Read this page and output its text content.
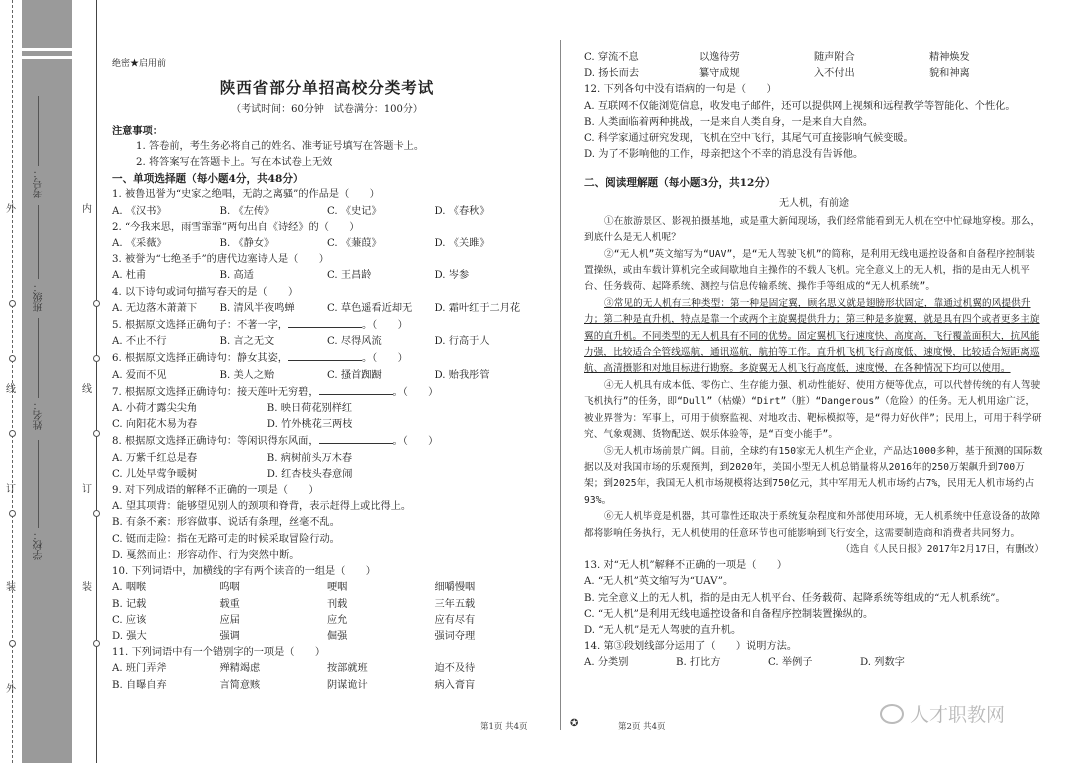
外
线
订
装
外
内
线
订
装
学校：
姓名：
班级：
考号：
绝密★启用前
陕西省部分单招高校分类考试
（考试时间：60分钟　试卷满分：100分）
注意事项：
1. 答卷前，考生务必将自己的姓名、准考证号填写在答题卡上。
2. 将答案写在答题卡上。写在本试卷上无效
一、单项选择题（每小题4分，共48分）
1. 被鲁迅誉为“史家之绝唱，无韵之离骚”的作品是（　　）
A. 《汉书》	B. 《左传》	C. 《史记》	D. 《春秋》
2. “今我来思，雨雪霏霏”两句出自《诗经》的（　　）
A. 《采薇》	B. 《静女》	C. 《蒹葭》	D. 《关雎》
3. 被誉为“七绝圣手”的唐代边塞诗人是（　　）
A. 杜甫	B. 高适	C. 王昌龄	D. 岑参
4. 以下诗句或词句描写春天的是（　　）
A. 无边落木萧萧下	B. 清风半夜鸣蝉	C. 草色遥看近却无	D. 霜叶红于二月花
5. 根据原文选择正确句子：不著一字，	。（　　）
A. 不止不行	B. 言之无文	C. 尽得风流	D. 行高于人
6. 根据原文选择正确诗句：静女其姿，	。（　　）
A. 爱而不见	B. 美人之贻	C. 搔首踟蹰	D. 贻我彤管
7. 根据原文选择正确诗句：接天莲叶无穷碧，	。（　　）
A. 小荷才露尖尖角	B. 映日荷花别样红
C. 向阳花木易为春	D. 竹外桃花三两枝
8. 根据原文选择正确诗句：等闲识得东风面，	。（　　）
A. 万紫千红总是春	B. 病树前头万木春
C. 儿处早莺争暖树	D. 红杏枝头春意闹
9. 对下列成语的解释不正确的一项是（　　）
A. 望其项背：能够望见别人的颈项和脊背，表示赶得上或比得上。
B. 有条不紊：形容做事、说话有条理，丝毫不乱。
C. 铤而走险：指在无路可走的时候采取冒险行动。
D. 戛然而止：形容动作、行为突然中断。
10. 下列词语中，加横线的字有两个读音的一组是（　　）
A. 咽喉	呜咽	哽咽	细嚼慢咽
B. 记载	载重	刊载	三年五载
C. 应该	应届	应允	应有尽有
D. 强大	强调	倔强	强词夺理
11. 下列词语中有一个错别字的一项是（　　）
A. 班门弄斧	殚精竭虑	按部就班	迫不及待
B. 自曝自弃	言简意赅	阴谋诡计	病入膏肓
C. 穿流不息	以逸待劳	随声附合	精神焕发
D. 扬长而去	纂守成规	入不付出	貌和神离
12. 下列各句中没有语病的一句是（　　）
A. 互联网不仅能浏览信息，收发电子邮件，还可以提供网上视频和远程教学等智能化、个性化。
B. 人类面临着两种挑战，一是来自人类自身，一是来自大自然。
C. 科学家通过研究发现，飞机在空中飞行，其尾气可直接影响气候变暖。
D. 为了不影响他的工作，母亲把这个不幸的消息没有告诉他。
二、阅读理解题（每小题3分，共12分）
无人机，有前途
①在旅游景区、影视拍摄基地，或是重大新闻现场，我们经常能看到无人机在空中忙碌地穿梭。那么，到底什么是无人机呢？
②“无人机”英文缩写为“UAV”，是“无人驾驶飞机”的简称，是利用无线电遥控设备和自备程序控制装置操纵，或由车载计算机完全或间歇地自主操作的不载人飞机。完全意义上的无人机，指的是由无人机平台、任务载荷、起降系统、测控与信息传输系统、操作手等组成的“无人机系统”。
③常见的无人机有三种类型：第一种是固定翼，顾名思义就是翅膀形状固定，靠通过机翼的风提供升力；第二种是直升机，特点是靠一个或两个主旋翼提供升力；第三种是多旋翼，就是具有四个或者更多主旋翼的直升机。不同类型的无人机具有不同的优势。固定翼机飞行速度快、高度高，飞行覆盖面积大，抗风能力强，比较适合全管线巡航，通讯巡航，航拍等工作。直升机飞机飞行高度低、速度慢，比较适合短距离巡航、高清摄影和对地目标进行勘察。多旋翼无人机飞行高度低，速度慢，在各种情况下均可以使用。
④无人机具有成本低、零伤亡、生存能力强、机动性能好、使用方便等优点，可以代替传统的有人驾驶飞机执行”的任务，即“Dull”（枯燥）“Dirt”（脏）“Dangerous”（危险）的任务。无人机用途广泛，被业界誉为：军事上，可用于侦察监视、对地攻击、靶标模拟等，是“得力好伙伴”；民用上，可用于科学研究、气象观测、货物配送、娱乐体验等，是“百变小能手”。
⑤无人机市场前景广阔。目前，全球约有150家无人机生产企业，产品达1000多种，基于预测的国际数据以及对我国市场的乐观预判，到2020年，美国小型无人机总销量将从2016年的250万架飙升到700万架；到2025年，我国无人机市场规模将达到750亿元，其中军用无人机市场约占7%，民用无人机市场约占93%。
⑥无人机毕竟是机器，其可靠性还取决于系统复杂程度和外部使用环境，无人机系统中任意设备的故障都将影响任务执行，无人机使用的任意环节也可能影响到飞行安全，这需要制造商和消费者共同努力。
（选自《人民日报》2017年2月17日，有删改）
13. 对“无人机”解释不正确的一项是（　　）
A. “无人机”英文缩写为“UAV”。
B. 完全意义上的无人机，指的是由无人机平台、任务载荷、起降系统等组成的“无人机系统”。
C. “无人机”是利用无线电遥控设备和自备程序控制装置操纵的。
D. “无人机”是无人驾驶的直升机。
14. 第③段划线部分运用了（　　）说明方法。
A. 分类别	B. 打比方	C. 举例子	D. 列数字
第1页 共4页	✪	第2页 共4页
人才职教网
